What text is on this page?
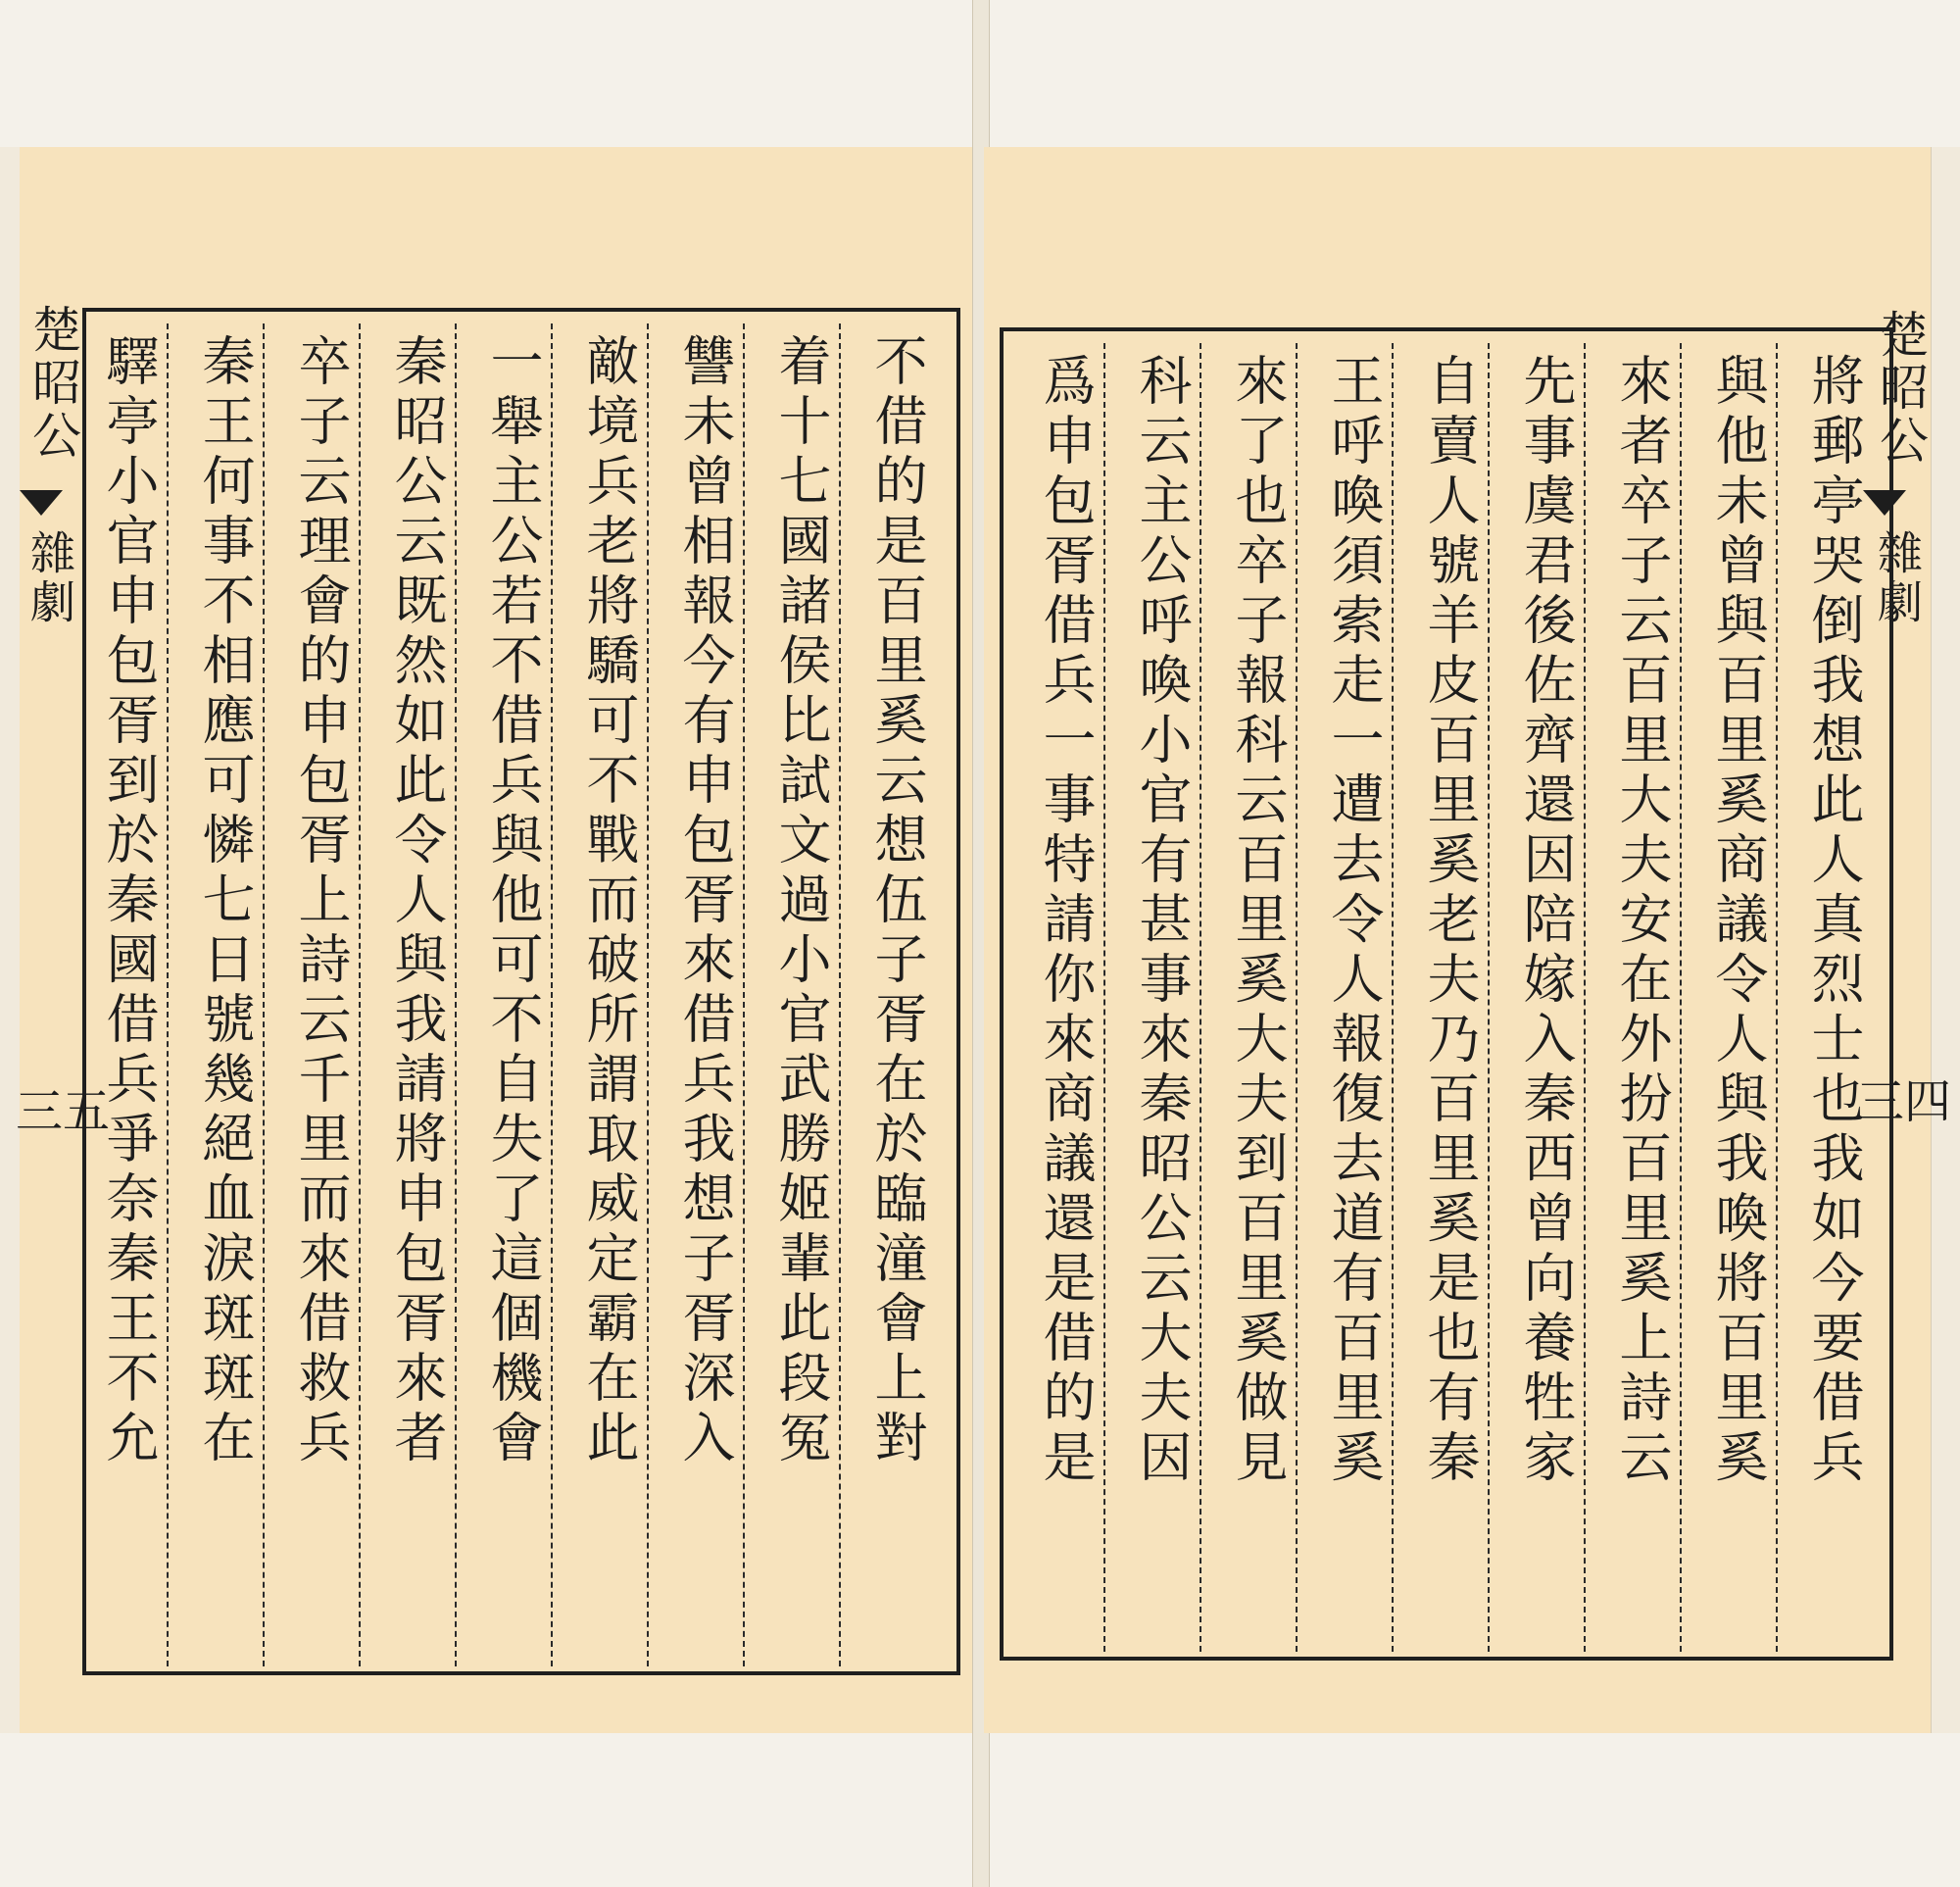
楚昭公
雜劇
三五	不借的是百里奚云想伍子胥在於臨潼會上對
着十七國諸侯比試文過小官武勝姬輩此段冤
讐未曾相報今有申包胥來借兵我想子胥深入
敵境兵老將驕可不戰而破所謂取威定霸在此
一舉主公若不借兵與他可不自失了這個機會
秦昭公云既然如此令人與我請將申包胥來者
卒子云理會的申包胥上詩云千里而來借救兵
秦王何事不相應可憐七日號幾絕血淚斑斑在
驛亭小官申包胥到於秦國借兵爭奈秦王不允	楚昭公
雜劇
三四
將郵亭哭倒我想此人真烈士也我如今要借兵
與他未曾與百里奚商議令人與我喚將百里奚
來者卒子云百里大夫安在外扮百里奚上詩云
先事虞君後佐齊還因陪嫁入秦西曾向養牲家
自賣人號羊皮百里奚老夫乃百里奚是也有秦
王呼喚須索走一遭去令人報復去道有百里奚
來了也卒子報科云百里奚大夫到百里奚做見
科云主公呼喚小官有甚事來秦昭公云大夫因
爲申包胥借兵一事特請你來商議還是借的是
